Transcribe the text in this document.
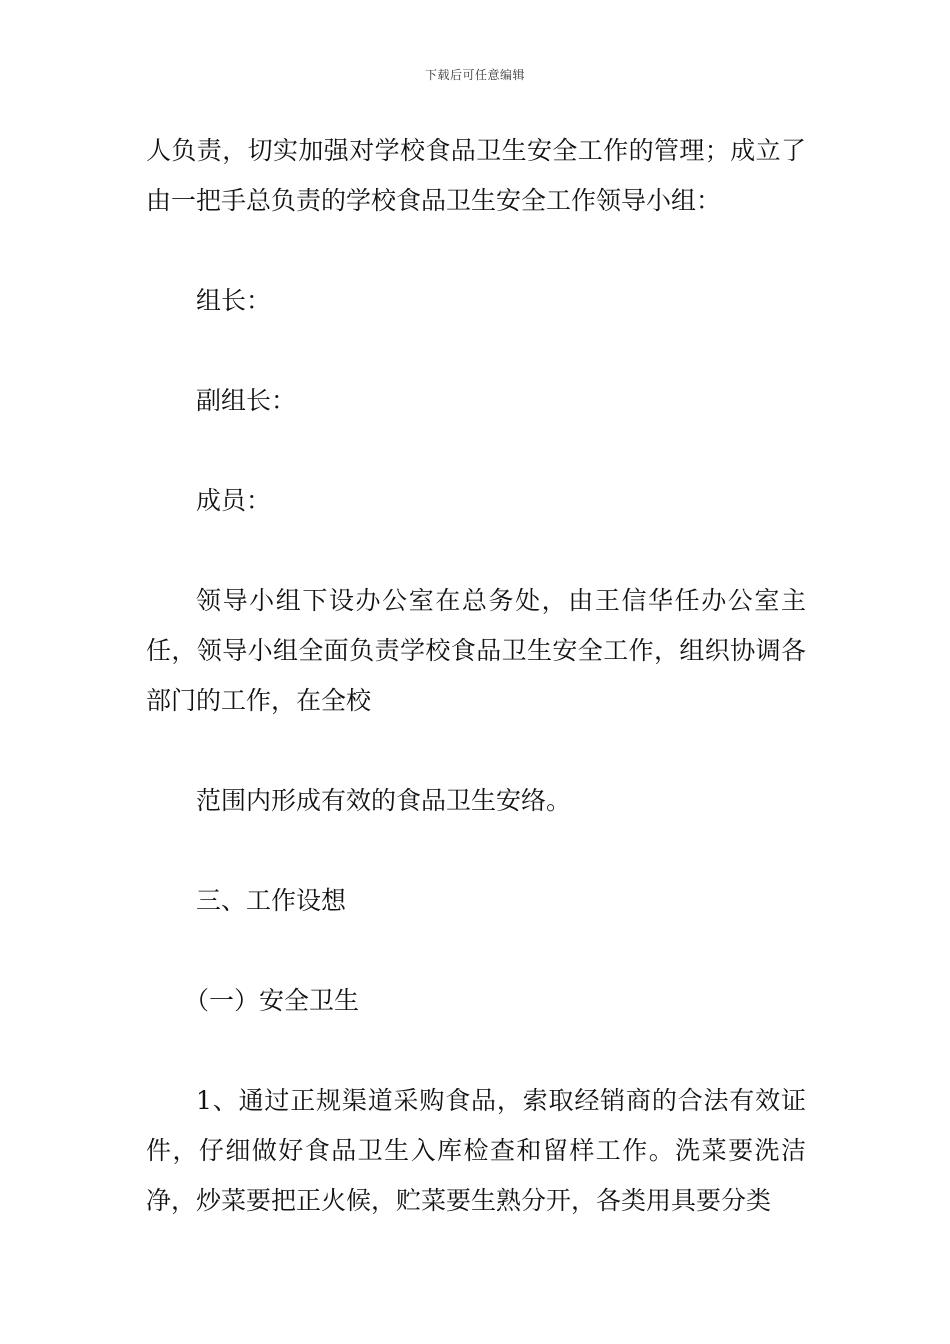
下载后可任意编辑

人负责，切实加强对学校食品卫生安全工作的管理；成立了由一把手总负责的学校食品卫生安全工作领导小组：

组长：

副组长：

成员：

领导小组下设办公室在总务处，由王信华任办公室主任，领导小组全面负责学校食品卫生安全工作，组织协调各部门的工作，在全校

范围内形成有效的食品卫生安络。

三、工作设想

（一）安全卫生

1、通过正规渠道采购食品，索取经销商的合法有效证件，仔细做好食品卫生入库检查和留样工作。洗菜要洗洁净，炒菜要把正火候，贮菜要生熟分开，各类用具要分类
